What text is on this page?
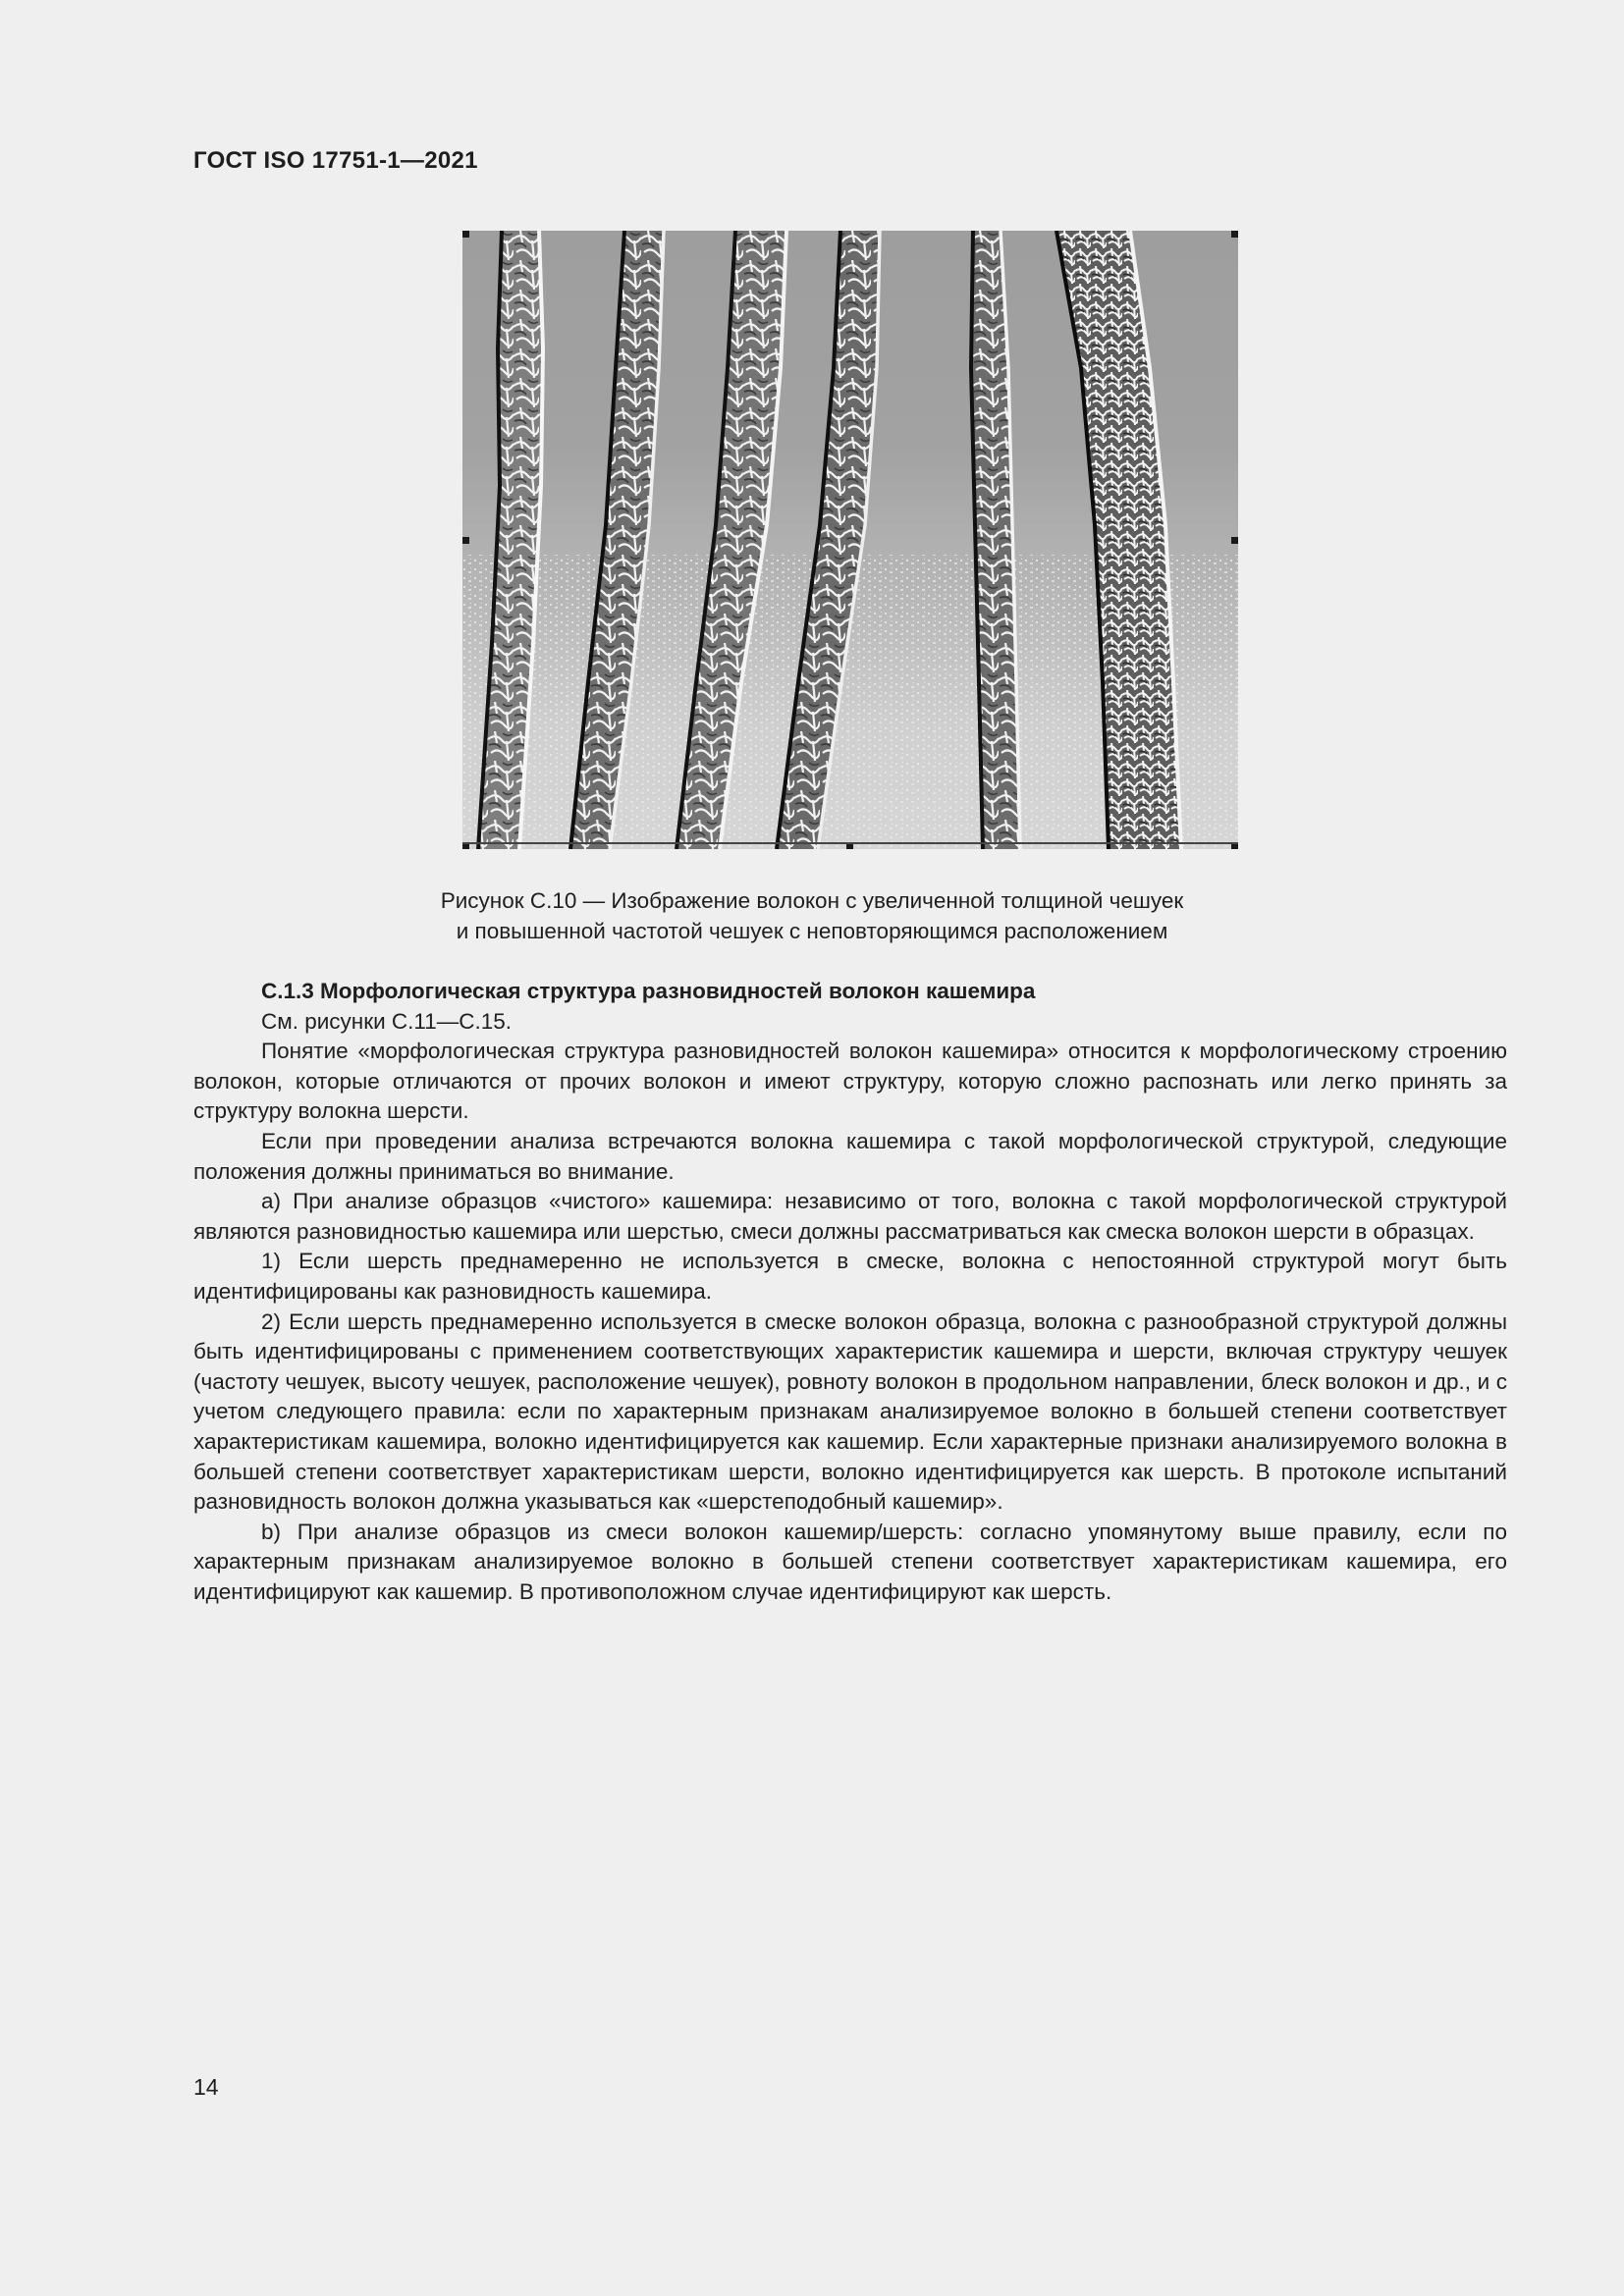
ГОСТ ISO 17751-1—2021
Рисунок C.10 — Изображение волокон с увеличенной толщиной чешуек
и повышенной частотой чешуек с неповторяющимся расположением

C.1.3 Морфологическая структура разновидностей волокон кашемира

См. рисунки С.11—С.15.

Понятие «морфологическая структура разновидностей волокон кашемира» относится к морфологическому строению волокон, которые отличаются от прочих волокон и имеют структуру, которую сложно распознать или легко принять за структуру волокна шерсти.

Если при проведении анализа встречаются волокна кашемира с такой морфологической структурой, следующие положения должны приниматься во внимание.

a) При анализе образцов «чистого» кашемира: независимо от того, волокна с такой морфологической структурой являются разновидностью кашемира или шерстью, смеси должны рассматриваться как смеска волокон шерсти в образцах.

1) Если шерсть преднамеренно не используется в смеске, волокна с непостоянной структурой могут быть идентифицированы как разновидность кашемира.

2) Если шерсть преднамеренно используется в смеске волокон образца, волокна с разнообразной структурой должны быть идентифицированы с применением соответствующих характеристик кашемира и шерсти, включая структуру чешуек (частоту чешуек, высоту чешуек, расположение чешуек), ровноту волокон в продольном направлении, блеск волокон и др., и с учетом следующего правила: если по характерным признакам анализируемое волокно в большей степени соответствует характеристикам кашемира, волокно идентифицируется как кашемир. Если характерные признаки анализируемого волокна в большей степени соответствует характеристикам шерсти, волокно идентифицируется как шерсть. В протоколе испытаний разновидность волокон должна указываться как «шерстеподобный кашемир».

b) При анализе образцов из смеси волокон кашемир/шерсть: согласно упомянутому выше правилу, если по характерным признакам анализируемое волокно в большей степени соответствует характеристикам кашемира, его идентифицируют как кашемир. В противоположном случае идентифицируют как шерсть.

14
